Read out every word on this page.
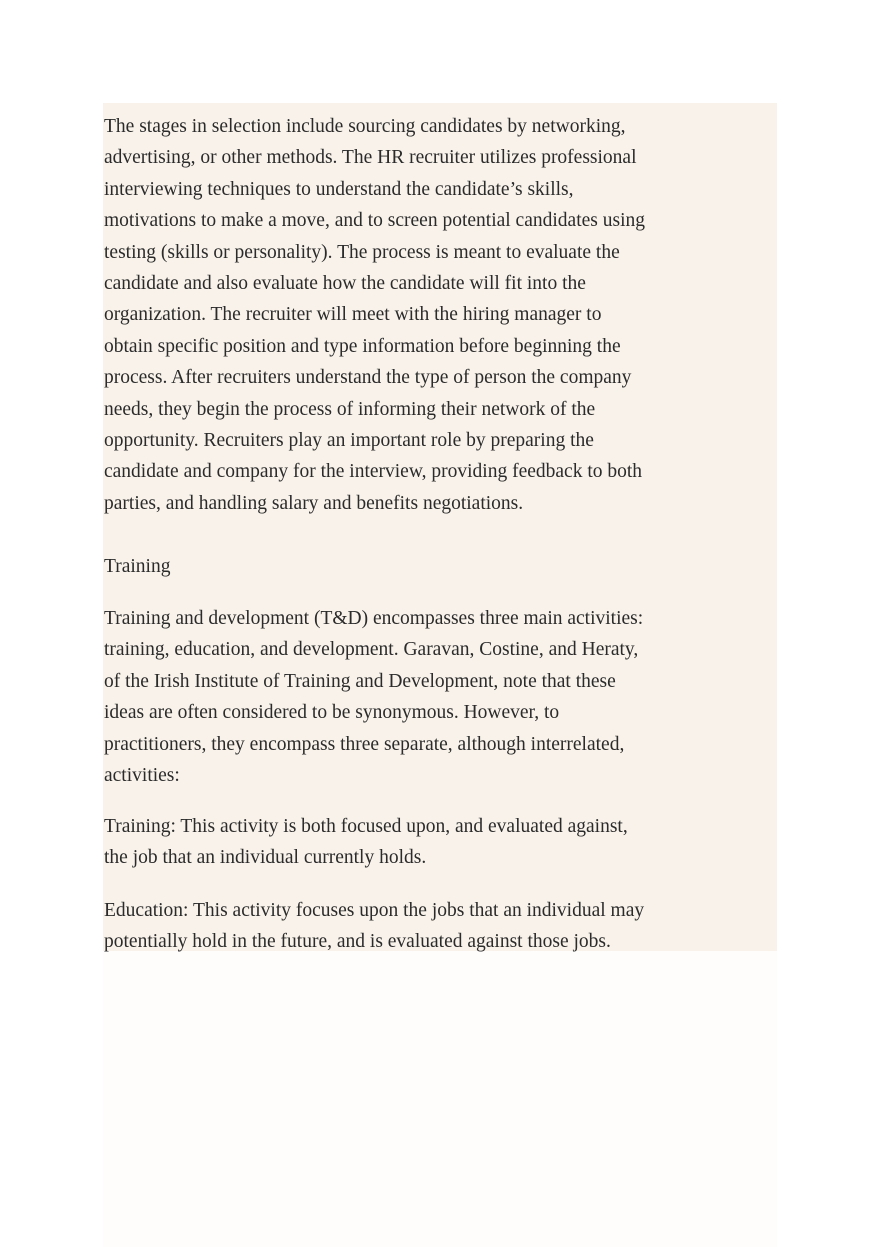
The stages in selection include sourcing candidates by networking, advertising, or other methods. The HR recruiter utilizes professional interviewing techniques to understand the candidate’s skills, motivations to make a move, and to screen potential candidates using testing (skills or personality). The process is meant to evaluate the candidate and also evaluate how the candidate will fit into the organization. The recruiter will meet with the hiring manager to obtain specific position and type information before beginning the process. After recruiters understand the type of person the company needs, they begin the process of informing their network of the opportunity. Recruiters play an important role by preparing the candidate and company for the interview, providing feedback to both parties, and handling salary and benefits negotiations.

Training

Training and development (T&D) encompasses three main activities: training, education, and development. Garavan, Costine, and Heraty, of the Irish Institute of Training and Development, note that these ideas are often considered to be synonymous. However, to practitioners, they encompass three separate, although interrelated, activities:

Training: This activity is both focused upon, and evaluated against, the job that an individual currently holds.

Education: This activity focuses upon the jobs that an individual may potentially hold in the future, and is evaluated against those jobs.
